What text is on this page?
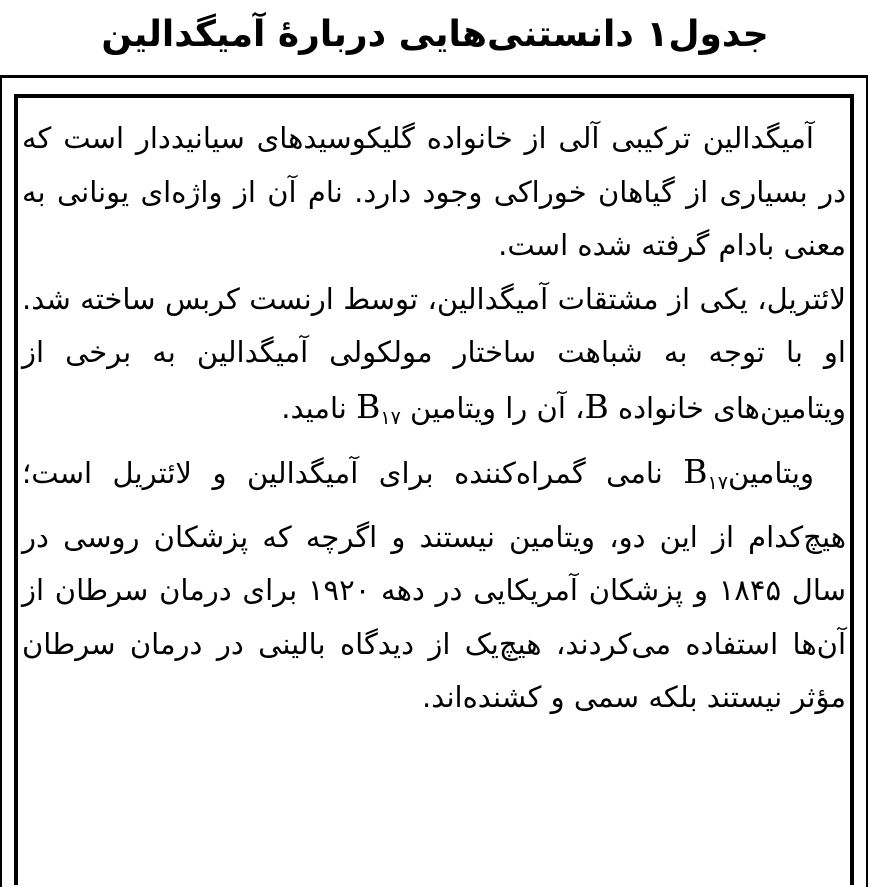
جدول۱ دانستنی‌هایی دربارهٔ آمیگدالین

آمیگدالین ترکیبی آلی از خانواده گلیکوسیدهای سیانیددار است که در بسیاری از گیاهان خوراکی وجود دارد. نام آن از واژه‌ای یونانی به معنی بادام گرفته شده است.

لائتریل، یکی از مشتقات آمیگدالین، توسط ارنست کربس ساخته شد. او با توجه به شباهت ساختار مولکولی آمیگدالین به برخی از ویتامین‌های خانواده B، آن را ویتامین $B_{۱۷}$ نامید.

ویتامینB$_{۱۷}$ نامی گمراه‌کننده برای آمیگدالین و لائتریل است؛ هیچ‌کدام از این دو، ویتامین نیستند و اگرچه که پزشکان روسی در سال ۱۸۴۵ و پزشکان آمریکایی در دهه ۱۹۲۰ برای درمان سرطان از آن‌ها استفاده می‌کردند، هیچ‌یک از دیدگاه بالینی در درمان سرطان مؤثر نیستند بلکه سمی و کشنده‌اند.
